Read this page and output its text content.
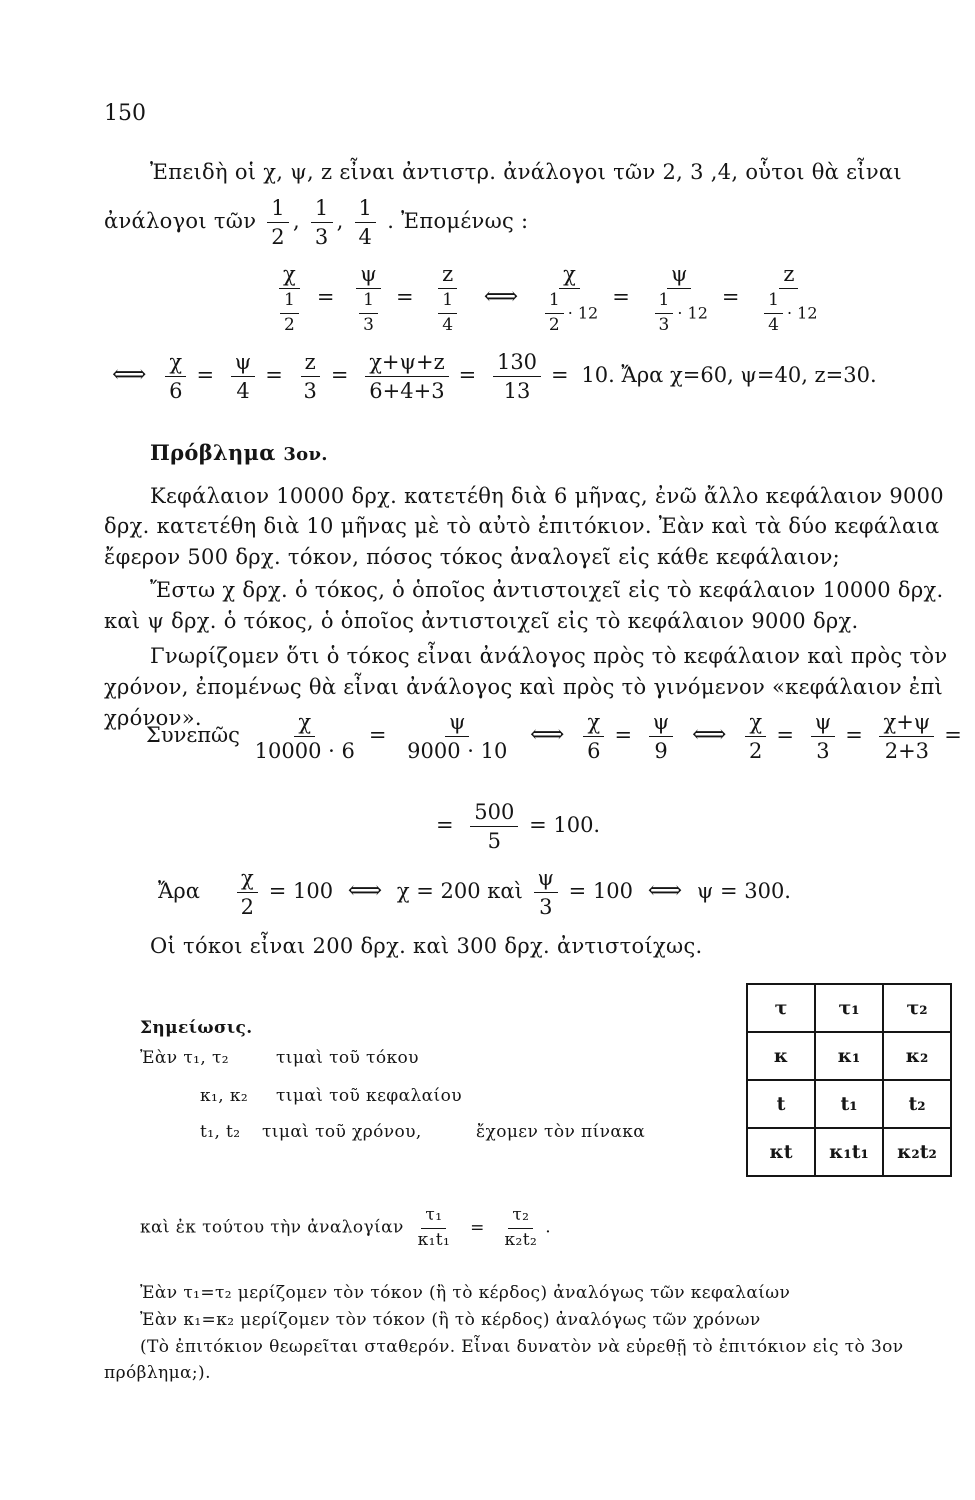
150
Ἐπειδὴ οἱ χ, ψ, z εἶναι ἀντιστρ. ἀνάλογοι τῶν 2, 3 ,4, οὗτοι θὰ εἶναι
ἀνάλογοι τῶν $\frac{1}{2}$ , $\frac{1}{3}$ , $\frac{1}{4}$ . Ἐπομένως :
$\frac{\chi}{\frac{1}{2}} = \frac{\psi}{\frac{1}{3}} = \frac{z}{\frac{1}{4}}$ ⟺ $\frac{\chi}{\frac{1}{2} \cdot 12} = \frac{\psi}{\frac{1}{3} \cdot 12} = \frac{z}{\frac{1}{4} \cdot 12}$
⟺ $\frac{\chi}{6} = \frac{\psi}{4} = \frac{z}{3} = \frac{\chi+\psi+z}{6+4+3} = \frac{130}{13} = 10$. Ἄρα χ=60, ψ=40, z=30.
Πρόβλημα 3ον.
Κεφάλαιον 10000 δρχ. κατετέθη διὰ 6 μῆνας, ἐνῶ ἄλλο κεφάλαιον 9000
δρχ. κατετέθη διὰ 10 μῆνας μὲ τὸ αὐτὸ ἐπιτόκιον. Ἐὰν καὶ τὰ δύο κεφάλαια
ἔφερον 500 δρχ. τόκον, πόσος τόκος ἀναλογεῖ εἰς κάθε κεφάλαιον;
Ἔστω χ δρχ. ὁ τόκος, ὁ ὁποῖος ἀντιστοιχεῖ εἰς τὸ κεφάλαιον 10000 δρχ.
καὶ ψ δρχ. ὁ τόκος, ὁ ὁποῖος ἀντιστοιχεῖ εἰς τὸ κεφάλαιον 9000 δρχ.
Γνωρίζομεν ὅτι ὁ τόκος εἶναι ἀνάλογος πρὸς τὸ κεφάλαιον καὶ πρὸς τὸν
χρόνον, ἐπομένως θὰ εἶναι ἀνάλογος καὶ πρὸς τὸ γινόμενον «κεφάλαιον ἐπὶ
χρόνον».
Συνεπῶς $\frac{\chi}{10000 \cdot 6} = \frac{\psi}{9000 \cdot 10}$ ⟺ $\frac{\chi}{6} = \frac{\psi}{9}$ ⟺ $\frac{\chi}{2} = \frac{\psi}{3} = \frac{\chi+\psi}{2+3}$ =
= $\frac{500}{5} = 100$.
Ἄρα $\frac{\chi}{2} = 100$ ⟺ χ = 200 καὶ $\frac{\psi}{3} = 100$ ⟺ ψ = 300.
Οἱ τόκοι εἶναι 200 δρχ. καὶ 300 δρχ. ἀντιστοίχως.
Σημείωσις.
Ἐὰν τ₁, τ₂	τιμαὶ τοῦ τόκου
κ₁, κ₂ τιμαὶ τοῦ κεφαλαίου
t₁, t₂ τιμαὶ τοῦ χρόνου,	ἔχομεν τὸν πίνακα
τ	τ₁	τ₂
κ	κ₁	κ₂
t	t₁	t₂
κt	κ₁t₁	κ₂t₂
καὶ ἐκ τούτου τὴν ἀναλογίαν $\frac{\text{τ₁}}{\text{κ₁t₁}} = \frac{\text{τ₂}}{\text{κ₂t₂}}$ .
Ἐὰν τ₁=τ₂ μερίζομεν τὸν τόκον (ἢ τὸ κέρδος) ἀναλόγως τῶν κεφαλαίων
Ἐὰν κ₁=κ₂ μερίζομεν τὸν τόκον (ἢ τὸ κέρδος) ἀναλόγως τῶν χρόνων
(Τὸ ἐπιτόκιον θεωρεῖται σταθερόν. Εἶναι δυνατὸν νὰ εὑρεθῇ τὸ ἐπιτόκιον εἰς τὸ 3ον
πρόβλημα;).
